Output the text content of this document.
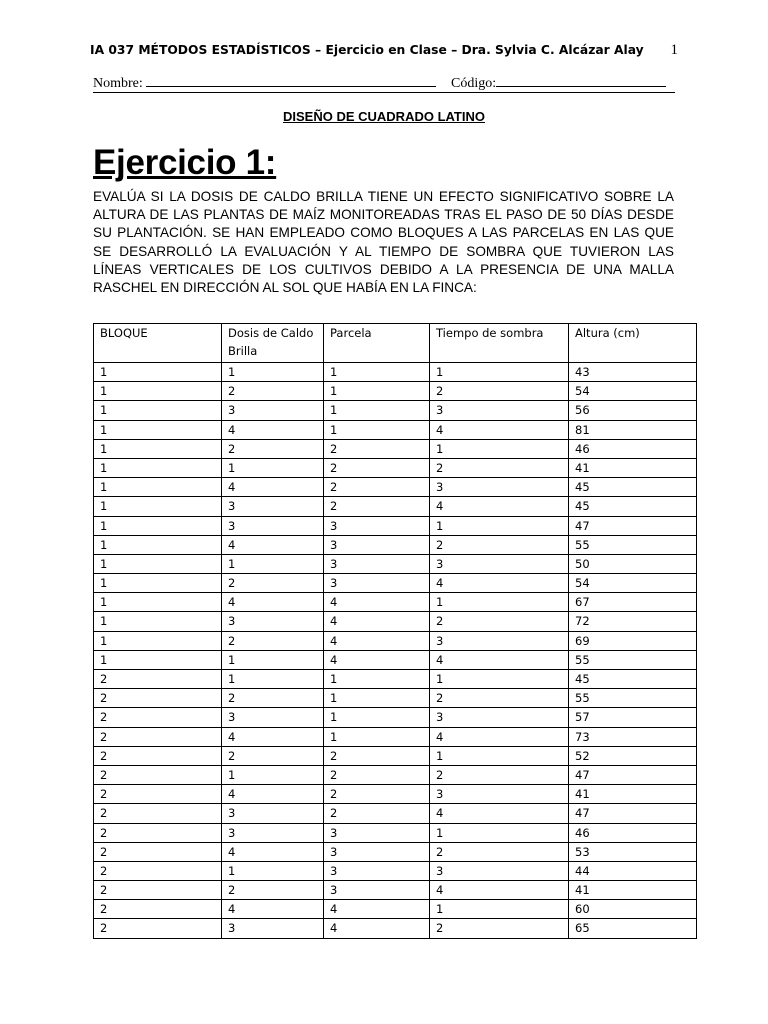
IA 037 MÉTODOS ESTADÍSTICOS – Ejercicio en Clase – Dra. Sylvia C. Alcázar Alay 1
Nombre:	Código:
DISEÑO DE CUADRADO LATINO
Ejercicio 1:
EVALÚA SI LA DOSIS DE CALDO BRILLA TIENE UN EFECTO SIGNIFICATIVO SOBRE LA ALTURA DE LAS PLANTAS DE MAÍZ MONITOREADAS TRAS EL PASO DE 50 DÍAS DESDE SU PLANTACIÓN. SE HAN EMPLEADO COMO BLOQUES A LAS PARCELAS EN LAS QUE SE DESARROLLÓ LA EVALUACIÓN Y AL TIEMPO DE SOMBRA QUE TUVIERON LAS LÍNEAS VERTICALES DE LOS CULTIVOS DEBIDO A LA PRESENCIA DE UNA MALLA RASCHEL EN DIRECCIÓN AL SOL QUE HABÍA EN LA FINCA:
BLOQUE	Dosis de Caldo Brilla	Parcela	Tiempo de sombra	Altura (cm)
1	1	1	1	43
1	2	1	2	54
1	3	1	3	56
1	4	1	4	81
1	2	2	1	46
1	1	2	2	41
1	4	2	3	45
1	3	2	4	45
1	3	3	1	47
1	4	3	2	55
1	1	3	3	50
1	2	3	4	54
1	4	4	1	67
1	3	4	2	72
1	2	4	3	69
1	1	4	4	55
2	1	1	1	45
2	2	1	2	55
2	3	1	3	57
2	4	1	4	73
2	2	2	1	52
2	1	2	2	47
2	4	2	3	41
2	3	2	4	47
2	3	3	1	46
2	4	3	2	53
2	1	3	3	44
2	2	3	4	41
2	4	4	1	60
2	3	4	2	65
